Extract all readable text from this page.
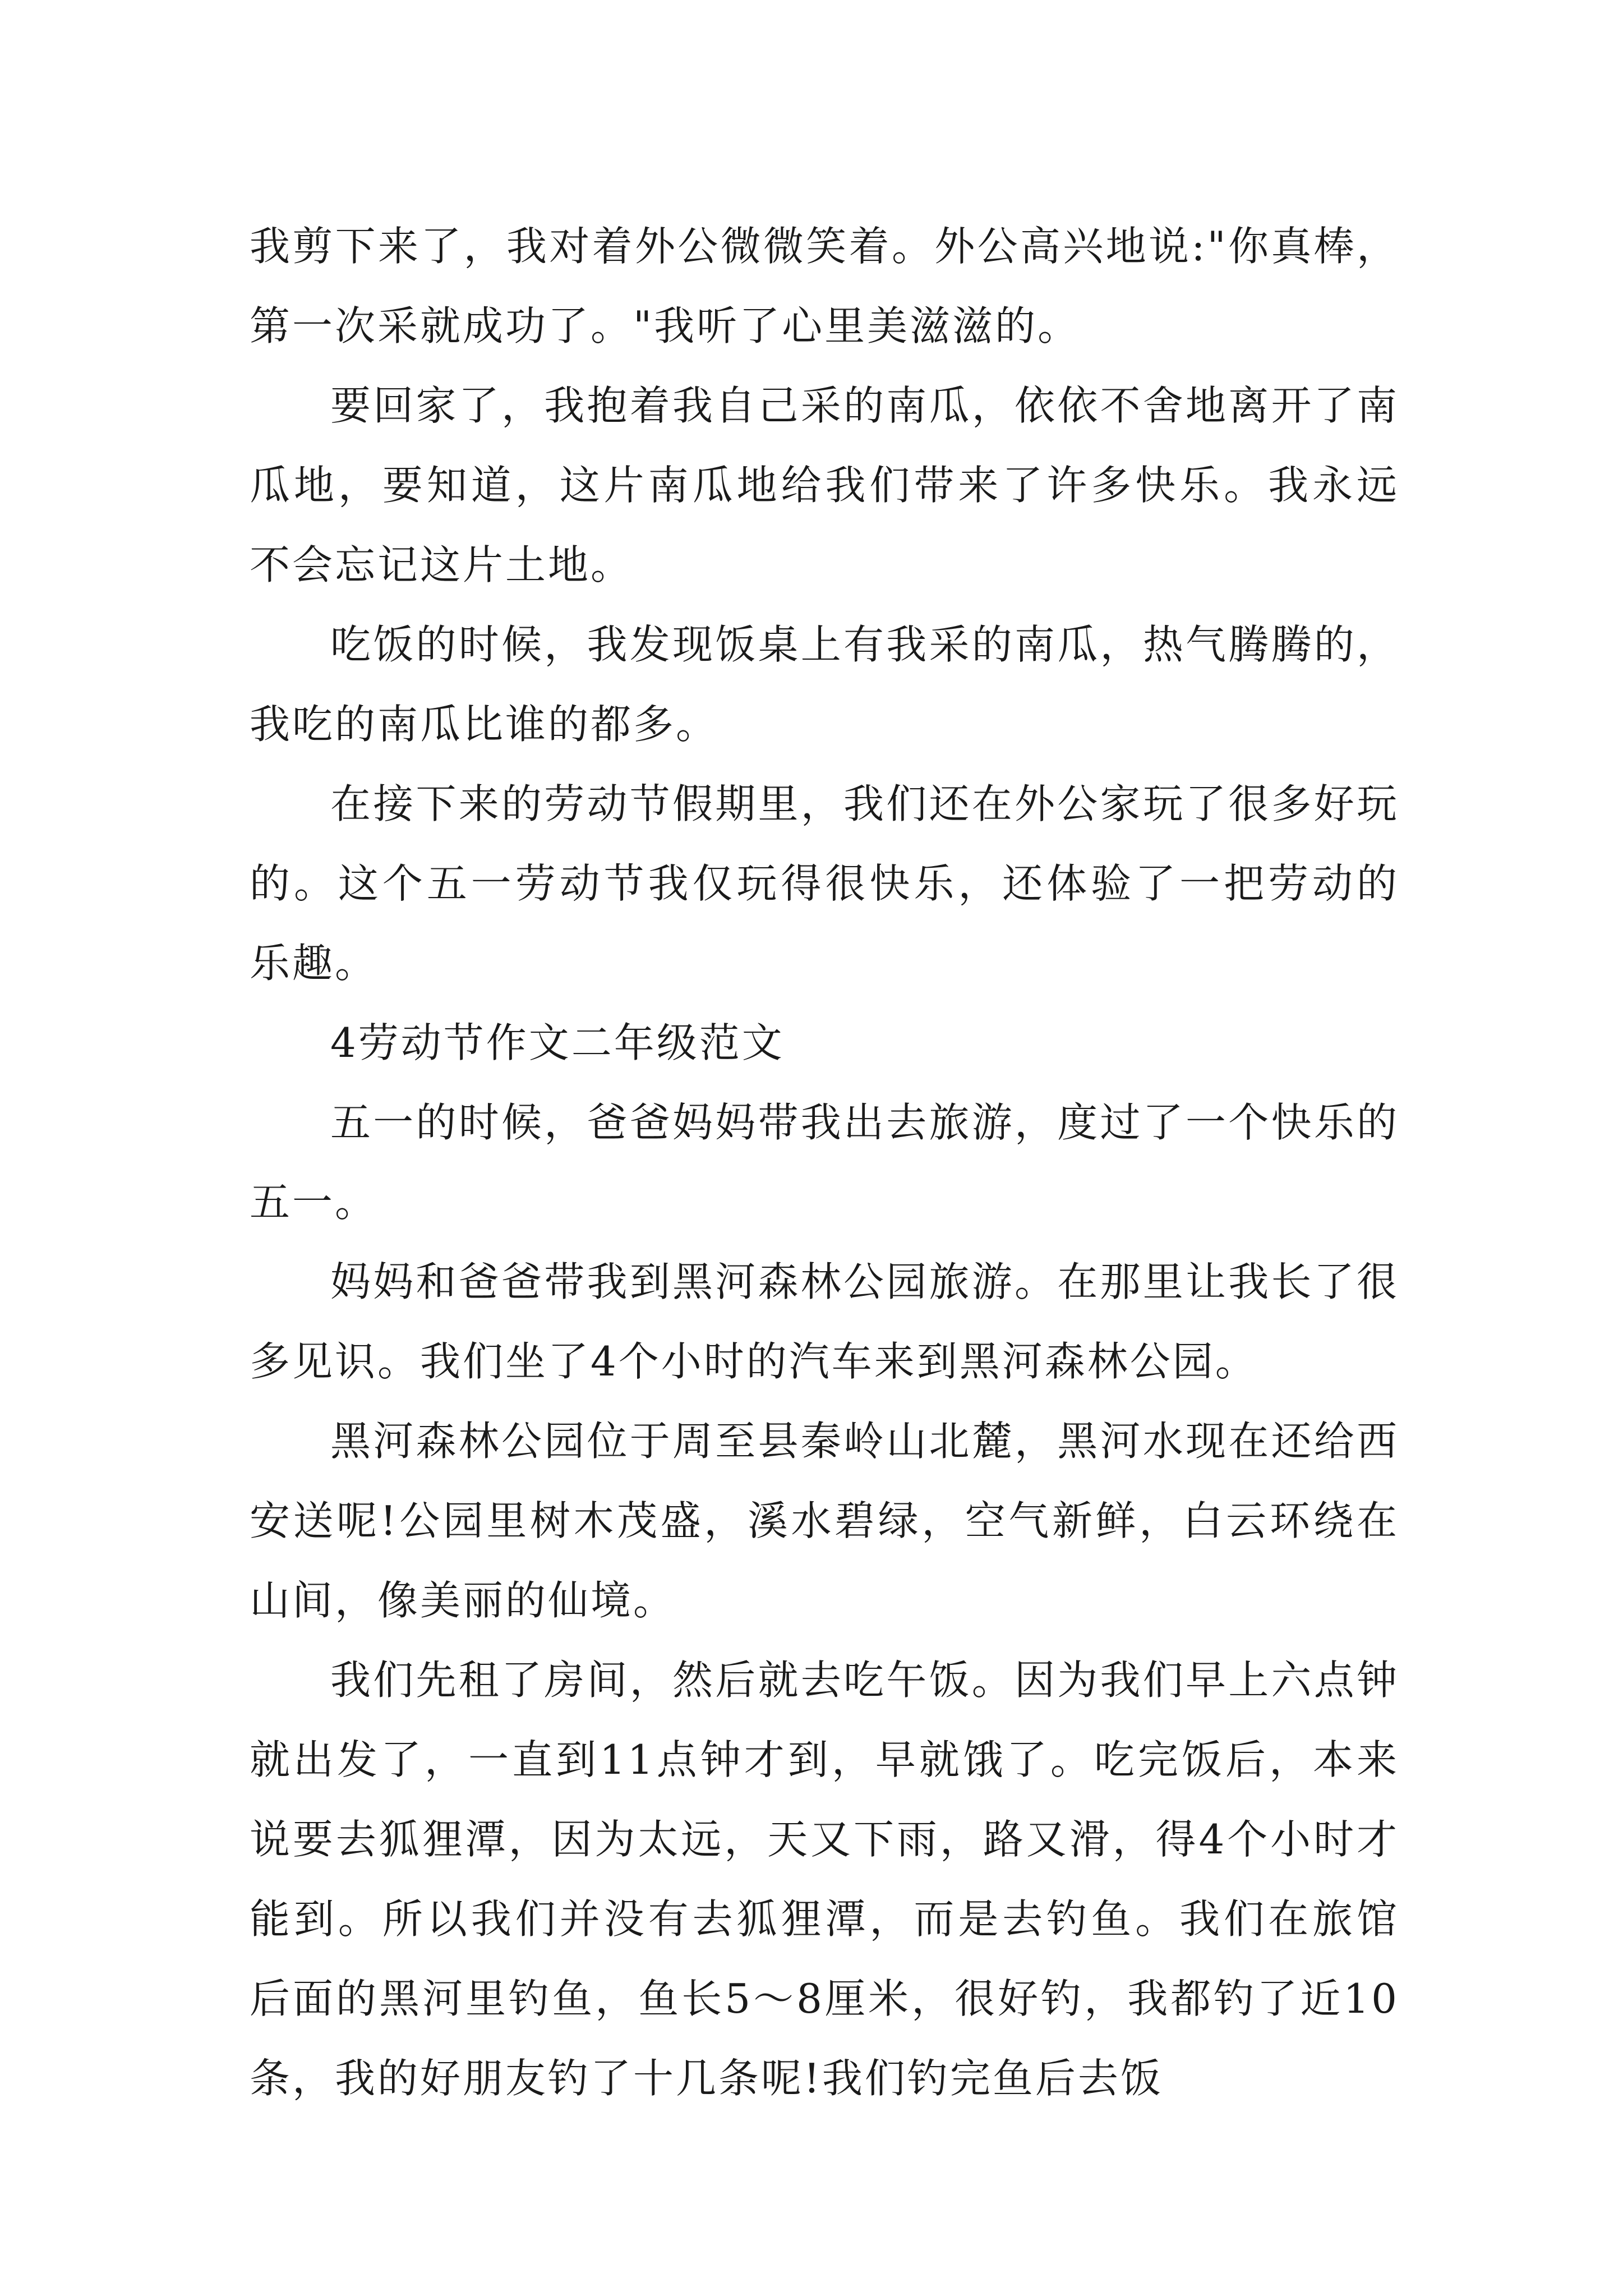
我剪下来了，我对着外公微微笑着。外公高兴地说:"你真棒，第一次采就成功了。"我听了心里美滋滋的。

要回家了，我抱着我自己采的南瓜，依依不舍地离开了南瓜地，要知道，这片南瓜地给我们带来了许多快乐。我永远不会忘记这片土地。

吃饭的时候，我发现饭桌上有我采的南瓜，热气腾腾的，我吃的南瓜比谁的都多。

在接下来的劳动节假期里，我们还在外公家玩了很多好玩的。这个五一劳动节我仅玩得很快乐，还体验了一把劳动的乐趣。

4劳动节作文二年级范文

五一的时候，爸爸妈妈带我出去旅游，度过了一个快乐的五一。

妈妈和爸爸带我到黑河森林公园旅游。在那里让我长了很多见识。我们坐了4个小时的汽车来到黑河森林公园。

黑河森林公园位于周至县秦岭山北麓，黑河水现在还给西安送呢!公园里树木茂盛，溪水碧绿，空气新鲜，白云环绕在山间，像美丽的仙境。

我们先租了房间，然后就去吃午饭。因为我们早上六点钟就出发了，一直到11点钟才到，早就饿了。吃完饭后，本来说要去狐狸潭，因为太远，天又下雨，路又滑，得4个小时才能到。所以我们并没有去狐狸潭，而是去钓鱼。我们在旅馆后面的黑河里钓鱼，鱼长5～8厘米，很好钓，我都钓了近10条，我的好朋友钓了十几条呢!我们钓完鱼后去饭
